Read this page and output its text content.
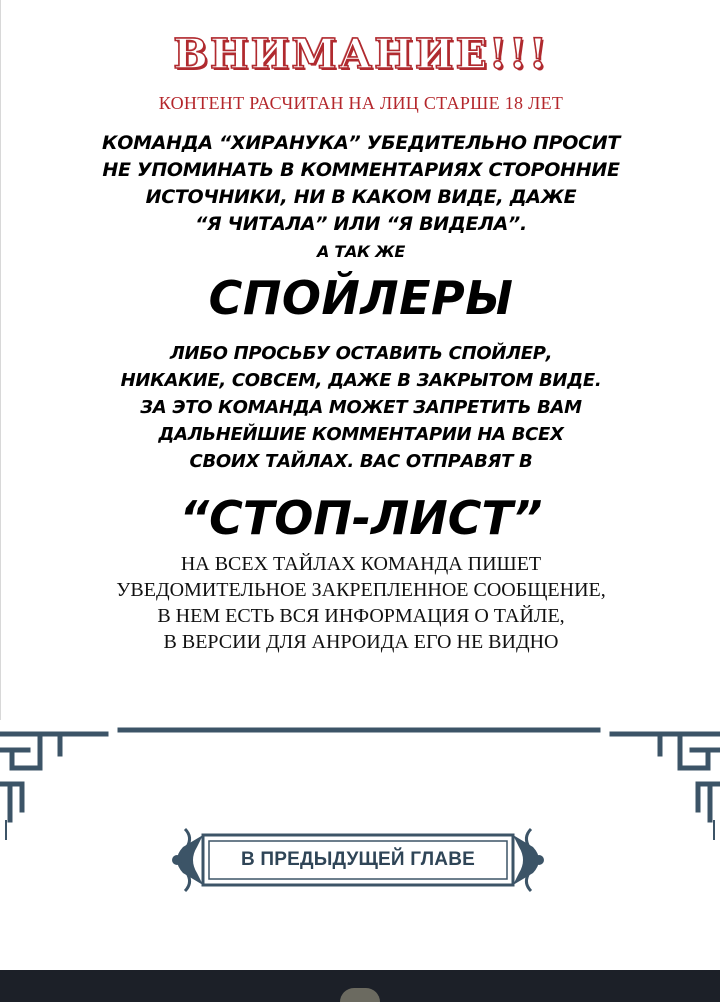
ВНИМАНИЕ!!!
КОНТЕНТ РАСЧИТАН НА ЛИЦ СТАРШЕ 18 ЛЕТ
КОМАНДА “ХИРАНУКА” УБЕДИТЕЛЬНО ПРОСИТ
НЕ УПОМИНАТЬ В КОММЕНТАРИЯХ СТОРОННИЕ
ИСТОЧНИКИ, НИ В КАКОМ ВИДЕ, ДАЖЕ
“Я ЧИТАЛА” ИЛИ “Я ВИДЕЛА”.
А ТАК ЖЕ
СПОЙЛЕРЫ
ЛИБО ПРОСЬБУ ОСТАВИТЬ СПОЙЛЕР,
НИКАКИЕ, СОВСЕМ, ДАЖЕ В ЗАКРЫТОМ ВИДЕ.
ЗА ЭТО КОМАНДА МОЖЕТ ЗАПРЕТИТЬ ВАМ
ДАЛЬНЕЙШИЕ КОММЕНТАРИИ НА ВСЕХ
СВОИХ ТАЙЛАХ. ВАС ОТПРАВЯТ В
“СТОП-ЛИСТ”
НА ВСЕХ ТАЙЛАХ КОМАНДА ПИШЕТ
УВЕДОМИТЕЛЬНОЕ ЗАКРЕПЛЕННОЕ СООБЩЕНИЕ,
В НЕМ ЕСТЬ ВСЯ ИНФОРМАЦИЯ О ТАЙЛЕ,
В ВЕРСИИ ДЛЯ АНРОИДА ЕГО НЕ ВИДНО
В ПРЕДЫДУЩЕЙ ГЛАВЕ
